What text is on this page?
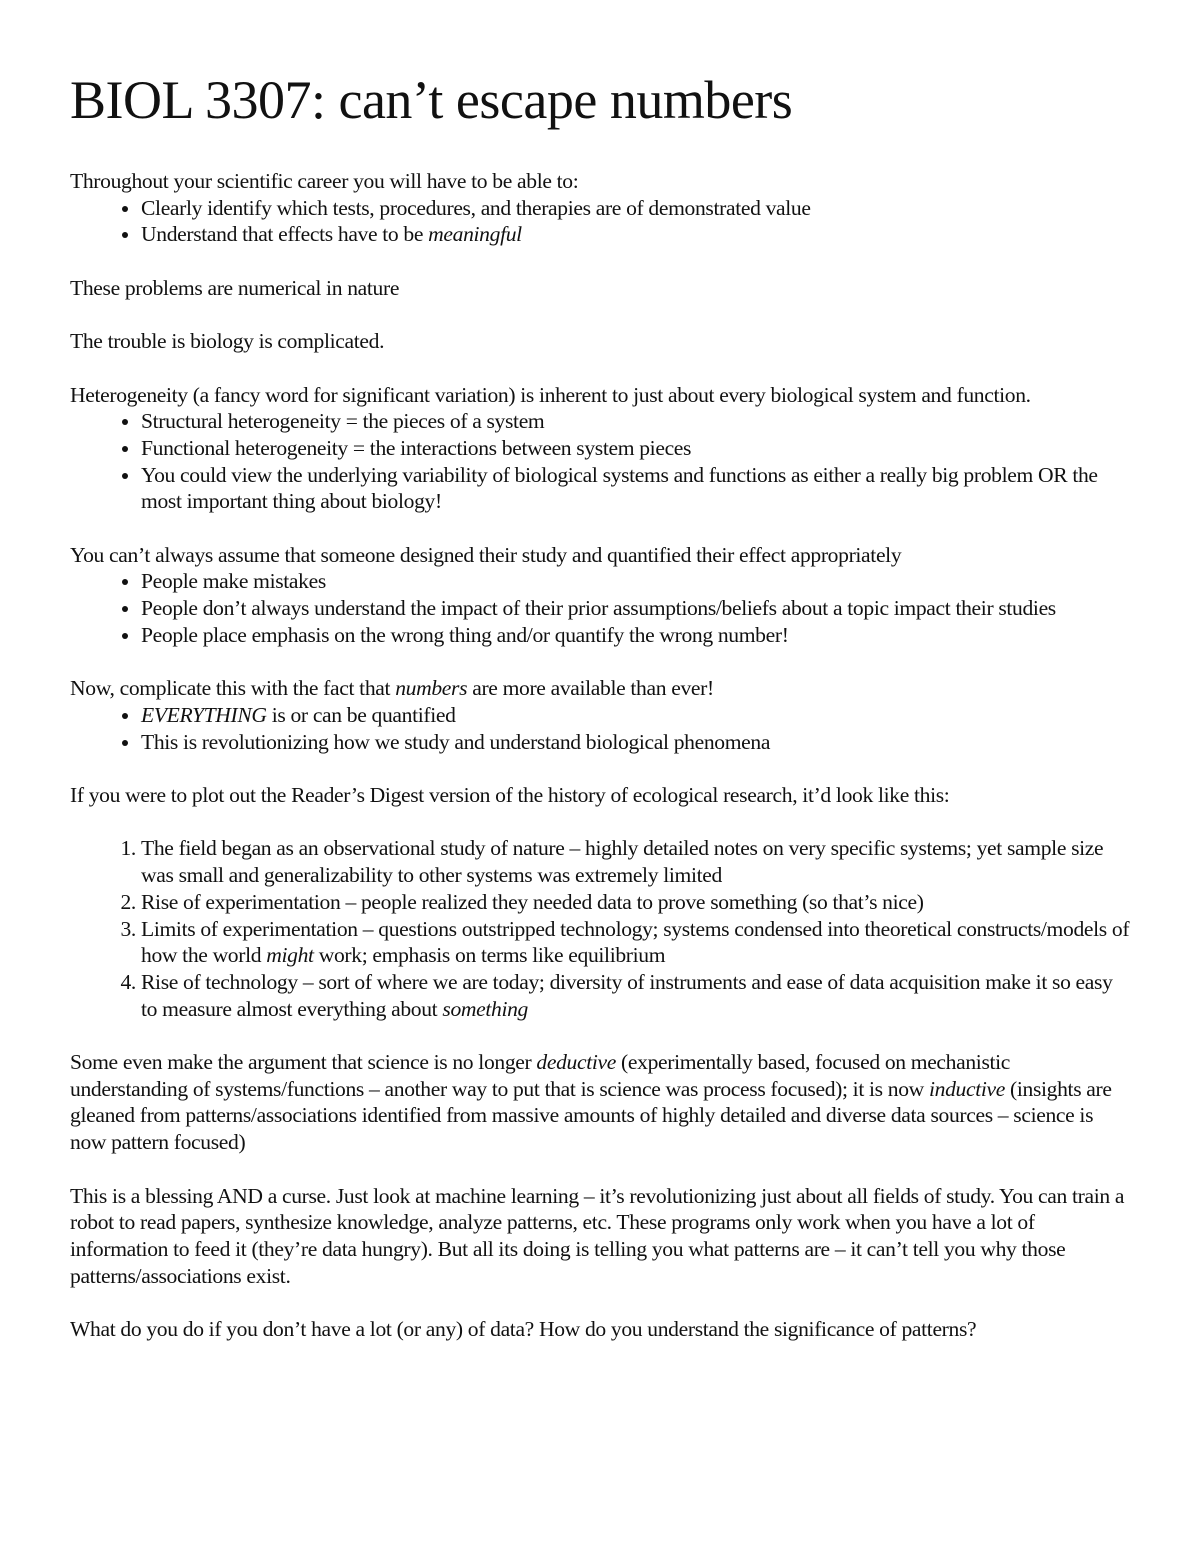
BIOL 3307: can’t escape numbers

Throughout your scientific career you will have to be able to:

• Clearly identify which tests, procedures, and therapies are of demonstrated value
• Understand that effects have to be meaningful

These problems are numerical in nature

The trouble is biology is complicated.

Heterogeneity (a fancy word for significant variation) is inherent to just about every biological system and function.

• Structural heterogeneity = the pieces of a system
• Functional heterogeneity = the interactions between system pieces
• You could view the underlying variability of biological systems and functions as either a really big problem OR the most important thing about biology!

You can’t always assume that someone designed their study and quantified their effect appropriately

• People make mistakes
• People don’t always understand the impact of their prior assumptions/beliefs about a topic impact their studies
• People place emphasis on the wrong thing and/or quantify the wrong number!

Now, complicate this with the fact that numbers are more available than ever!

• EVERYTHING is or can be quantified
• This is revolutionizing how we study and understand biological phenomena

If you were to plot out the Reader’s Digest version of the history of ecological research, it’d look like this:

1. The field began as an observational study of nature – highly detailed notes on very specific systems; yet sample size was small and generalizability to other systems was extremely limited
2. Rise of experimentation – people realized they needed data to prove something (so that’s nice)
3. Limits of experimentation – questions outstripped technology; systems condensed into theoretical constructs/models of how the world might work; emphasis on terms like equilibrium
4. Rise of technology – sort of where we are today; diversity of instruments and ease of data acquisition make it so easy to measure almost everything about something

Some even make the argument that science is no longer deductive (experimentally based, focused on mechanistic understanding of systems/functions – another way to put that is science was process focused); it is now inductive (insights are gleaned from patterns/associations identified from massive amounts of highly detailed and diverse data sources – science is now pattern focused)

This is a blessing AND a curse. Just look at machine learning – it’s revolutionizing just about all fields of study. You can train a robot to read papers, synthesize knowledge, analyze patterns, etc. These programs only work when you have a lot of information to feed it (they’re data hungry). But all its doing is telling you what patterns are – it can’t tell you why those patterns/associations exist.

What do you do if you don’t have a lot (or any) of data? How do you understand the significance of patterns?
